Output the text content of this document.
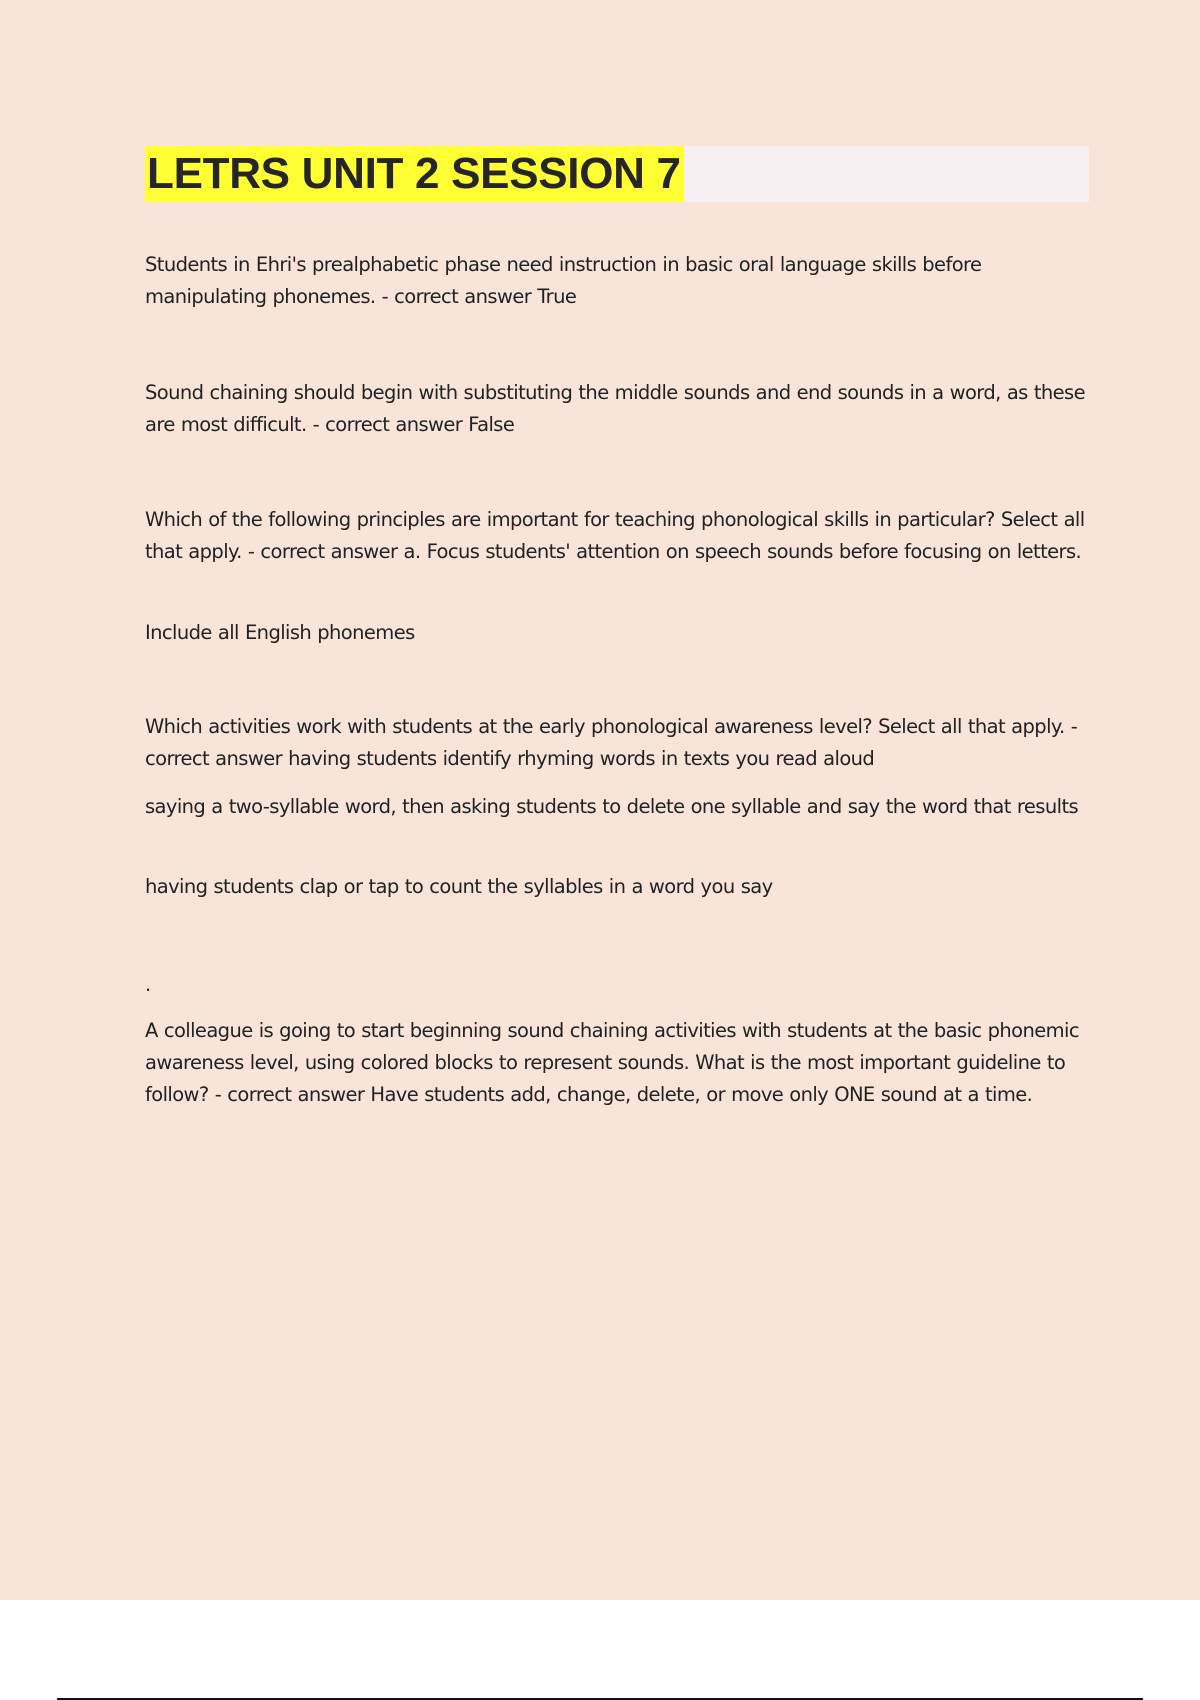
LETRS UNIT 2 SESSION 7

Students in Ehri's prealphabetic phase need instruction in basic oral language skills before manipulating phonemes. - correct answer True

Sound chaining should begin with substituting the middle sounds and end sounds in a word, as these are most difficult. - correct answer False

Which of the following principles are important for teaching phonological skills in particular? Select all that apply. - correct answer a. Focus students' attention on speech sounds before focusing on letters.

Include all English phonemes

Which activities work with students at the early phonological awareness level? Select all that apply. - correct answer having students identify rhyming words in texts you read aloud

saying a two-syllable word, then asking students to delete one syllable and say the word that results

having students clap or tap to count the syllables in a word you say

.

A colleague is going to start beginning sound chaining activities with students at the basic phonemic awareness level, using colored blocks to represent sounds. What is the most important guideline to follow? - correct answer Have students add, change, delete, or move only ONE sound at a time.
